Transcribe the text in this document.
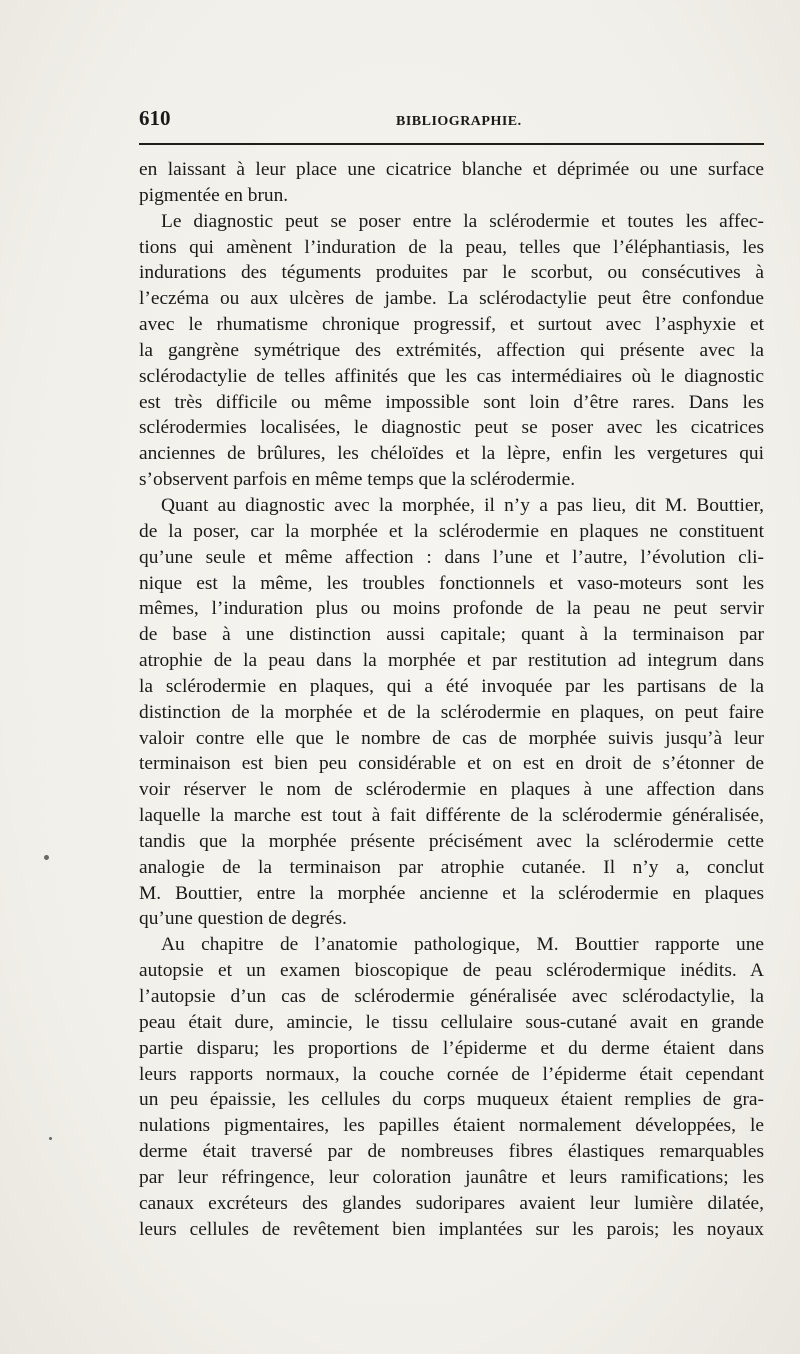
610	BIBLIOGRAPHIE.
en laissant à leur place une cicatrice blanche et déprimée ou une surface
pigmentée en brun.
Le diagnostic peut se poser entre la sclérodermie et toutes les affec-
tions qui amènent l’induration de la peau, telles que l’éléphantiasis, les
indurations des téguments produites par le scorbut, ou consécutives à
l’eczéma ou aux ulcères de jambe. La sclérodactylie peut être confondue
avec le rhumatisme chronique progressif, et surtout avec l’asphyxie et
la gangrène symétrique des extrémités, affection qui présente avec la
sclérodactylie de telles affinités que les cas intermédiaires où le diagnostic
est très difficile ou même impossible sont loin d’être rares. Dans les
sclérodermies localisées, le diagnostic peut se poser avec les cicatrices
anciennes de brûlures, les chéloïdes et la lèpre, enfin les vergetures qui
s’observent parfois en même temps que la sclérodermie.
Quant au diagnostic avec la morphée, il n’y a pas lieu, dit M. Bouttier,
de la poser, car la morphée et la sclérodermie en plaques ne constituent
qu’une seule et même affection : dans l’une et l’autre, l’évolution cli-
nique est la même, les troubles fonctionnels et vaso-moteurs sont les
mêmes, l’induration plus ou moins profonde de la peau ne peut servir
de base à une distinction aussi capitale; quant à la terminaison par
atrophie de la peau dans la morphée et par restitution ad integrum dans
la sclérodermie en plaques, qui a été invoquée par les partisans de la
distinction de la morphée et de la sclérodermie en plaques, on peut faire
valoir contre elle que le nombre de cas de morphée suivis jusqu’à leur
terminaison est bien peu considérable et on est en droit de s’étonner de
voir réserver le nom de sclérodermie en plaques à une affection dans
laquelle la marche est tout à fait différente de la sclérodermie généralisée,
tandis que la morphée présente précisément avec la sclérodermie cette
analogie de la terminaison par atrophie cutanée. Il n’y a, conclut
M. Bouttier, entre la morphée ancienne et la sclérodermie en plaques
qu’une question de degrés.
Au chapitre de l’anatomie pathologique, M. Bouttier rapporte une
autopsie et un examen bioscopique de peau sclérodermique inédits. A
l’autopsie d’un cas de sclérodermie généralisée avec sclérodactylie, la
peau était dure, amincie, le tissu cellulaire sous-cutané avait en grande
partie disparu; les proportions de l’épiderme et du derme étaient dans
leurs rapports normaux, la couche cornée de l’épiderme était cependant
un peu épaissie, les cellules du corps muqueux étaient remplies de gra-
nulations pigmentaires, les papilles étaient normalement développées, le
derme était traversé par de nombreuses fibres élastiques remarquables
par leur réfringence, leur coloration jaunâtre et leurs ramifications; les
canaux excréteurs des glandes sudoripares avaient leur lumière dilatée,
leurs cellules de revêtement bien implantées sur les parois; les noyaux
